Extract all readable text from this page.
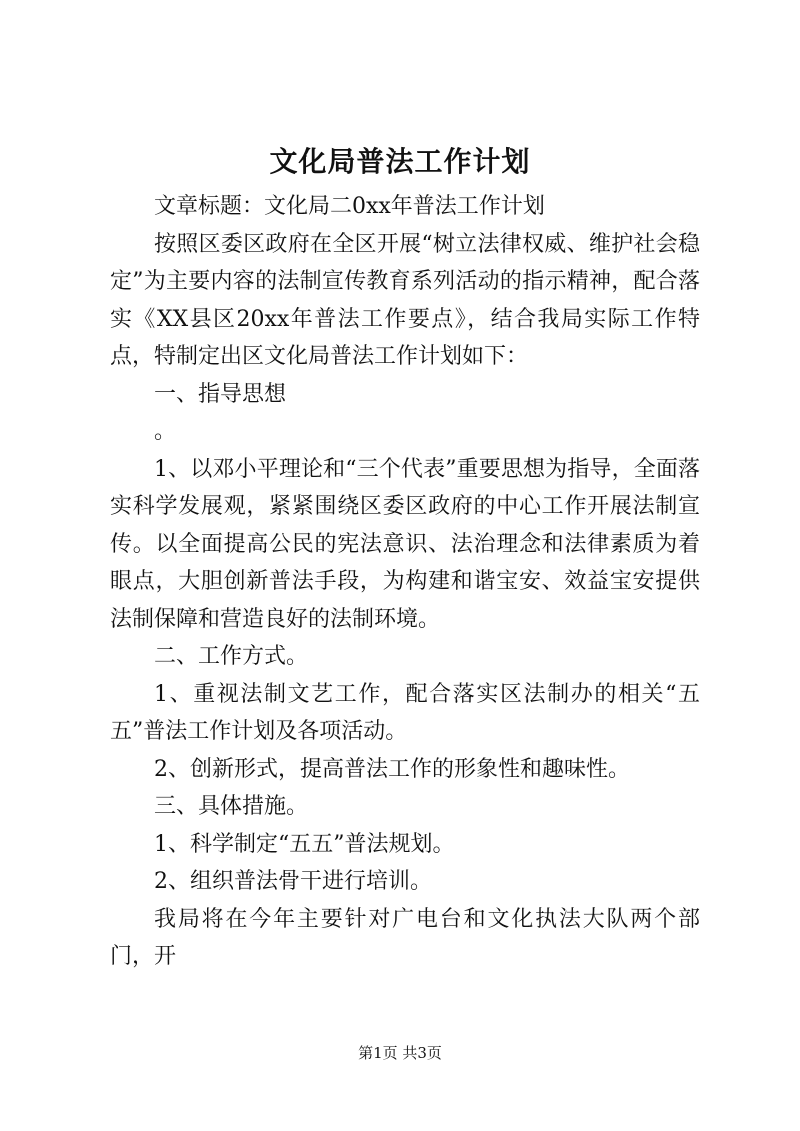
文化局普法工作计划

文章标题：文化局二0xx年普法工作计划

按照区委区政府在全区开展“树立法律权威、维护社会稳定”为主要内容的法制宣传教育系列活动的指示精神，配合落实《XX县区20xx年普法工作要点》，结合我局实际工作特点，特制定出区文化局普法工作计划如下：

一、指导思想

。

1、以邓小平理论和“三个代表”重要思想为指导，全面落实科学发展观，紧紧围绕区委区政府的中心工作开展法制宣传。以全面提高公民的宪法意识、法治理念和法律素质为着眼点，大胆创新普法手段，为构建和谐宝安、效益宝安提供法制保障和营造良好的法制环境。

二、工作方式。

1、重视法制文艺工作，配合落实区法制办的相关“五五”普法工作计划及各项活动。

2、创新形式，提高普法工作的形象性和趣味性。

三、具体措施。

1、科学制定“五五”普法规划。

2、组织普法骨干进行培训。

我局将在今年主要针对广电台和文化执法大队两个部门，开

第1页 共3页
